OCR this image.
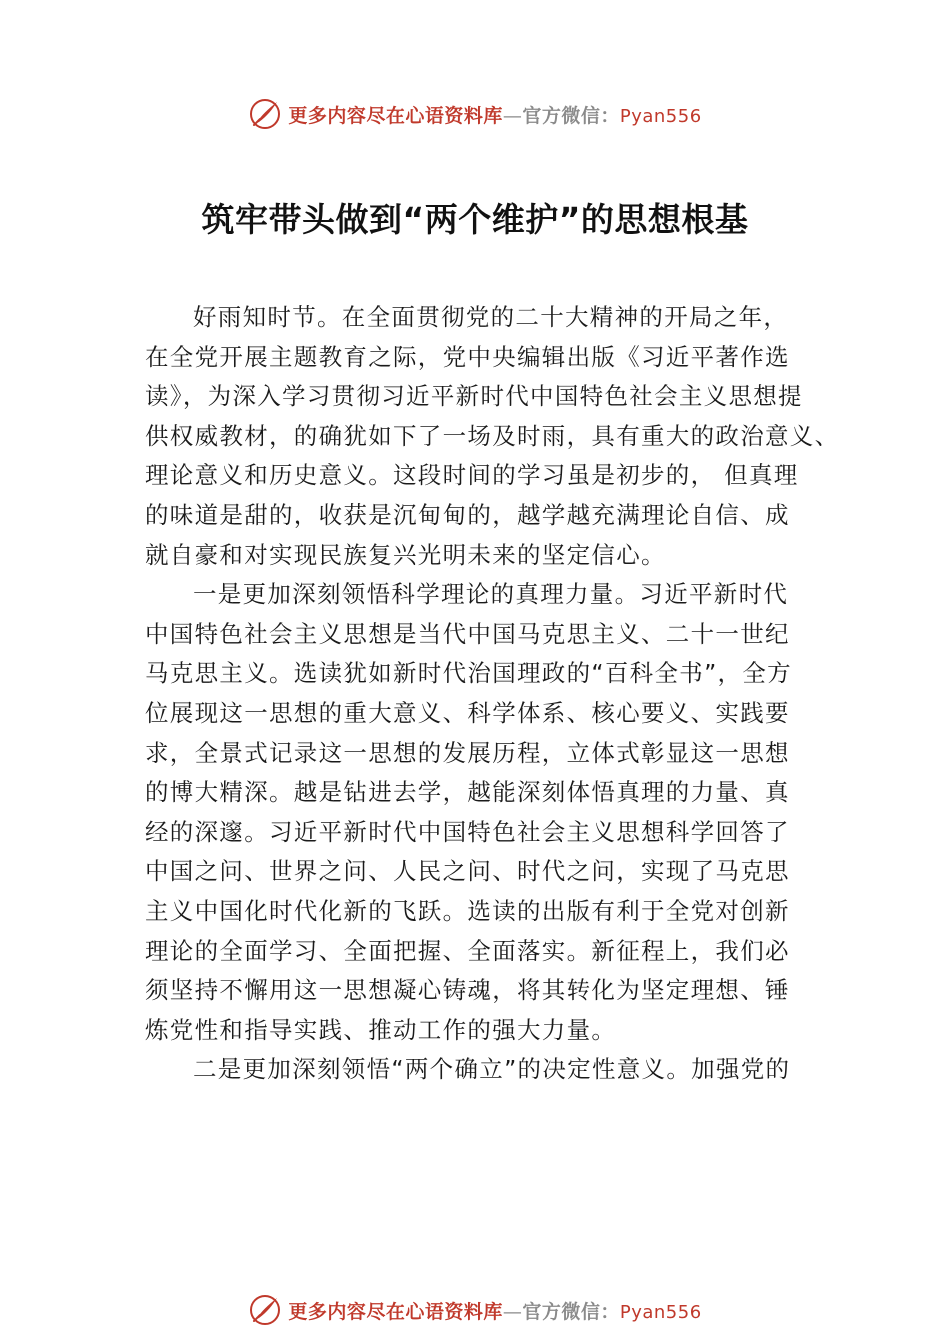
更多内容尽在心语资料库—官方微信：Pyan556
筑牢带头做到“两个维护”的思想根基
好雨知时节。在全面贯彻党的二十大精神的开局之年，
在全党开展主题教育之际，党中央编辑出版《习近平著作选
读》，为深入学习贯彻习近平新时代中国特色社会主义思想提
供权威教材，的确犹如下了一场及时雨，具有重大的政治意义、
理论意义和历史意义。这段时间的学习虽是初步的， 但真理
的味道是甜的，收获是沉甸甸的，越学越充满理论自信、成
就自豪和对实现民族复兴光明未来的坚定信心。
一是更加深刻领悟科学理论的真理力量。习近平新时代
中国特色社会主义思想是当代中国马克思主义、二十一世纪
马克思主义。选读犹如新时代治国理政的“百科全书”，全方
位展现这一思想的重大意义、科学体系、核心要义、实践要
求，全景式记录这一思想的发展历程，立体式彰显这一思想
的博大精深。越是钻进去学，越能深刻体悟真理的力量、真
经的深邃。习近平新时代中国特色社会主义思想科学回答了
中国之问、世界之问、人民之问、时代之问，实现了马克思
主义中国化时代化新的飞跃。选读的出版有利于全党对创新
理论的全面学习、全面把握、全面落实。新征程上，我们必
须坚持不懈用这一思想凝心铸魂，将其转化为坚定理想、锤
炼党性和指导实践、推动工作的强大力量。
二是更加深刻领悟“两个确立”的决定性意义。加强党的
更多内容尽在心语资料库—官方微信：Pyan556
